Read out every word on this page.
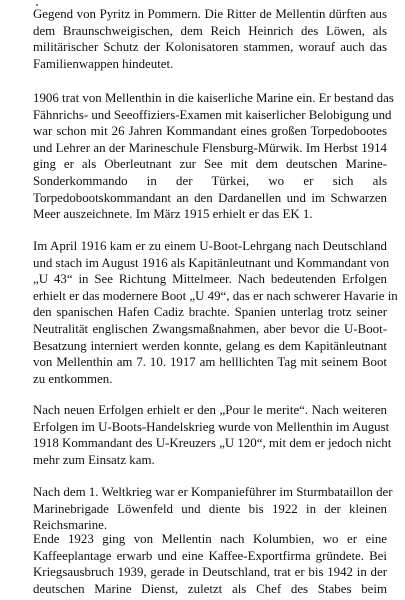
Gegend von Pyritz in Pommern. Die Ritter de Mellentin dürften aus
dem Braunschweigischen, dem Reich Heinrich des Löwen, als
militärischer Schutz der Kolonisatoren stammen, worauf auch das
Familienwappen hindeutet.
1906 trat von Mellenthin in die kaiserliche Marine ein. Er bestand das
Fähnrichs- und Seeoffiziers-Examen mit kaiserlicher Belobigung und
war schon mit 26 Jahren Kommandant eines großen Torpedobootes
und Lehrer an der Marineschule Flensburg-Mürwik. Im Herbst 1914
ging er als Oberleutnant zur See mit dem deutschen Marine-
Sonderkommando in der Türkei, wo er sich als
Torpedobootskommandant an den Dardanellen und im Schwarzen
Meer auszeichnete. Im März 1915 erhielt er das EK 1.
Im April 1916 kam er zu einem U-Boot-Lehrgang nach Deutschland
und stach im August 1916 als Kapitänleutnant und Kommandant von
„U 43“ in See Richtung Mittelmeer. Nach bedeutenden Erfolgen
erhielt er das modernere Boot „U 49“, das er nach schwerer Havarie in
den spanischen Hafen Cadiz brachte. Spanien unterlag trotz seiner
Neutralität englischen Zwangsmaßnahmen, aber bevor die U-Boot-
Besatzung interniert werden konnte, gelang es dem Kapitänleutnant
von Mellenthin am 7. 10. 1917 am helllichten Tag mit seinem Boot
zu entkommen.
Nach neuen Erfolgen erhielt er den „Pour le merite“. Nach weiteren
Erfolgen im U-Boots-Handelskrieg wurde von Mellenthin im August
1918 Kommandant des U-Kreuzers „U 120“, mit dem er jedoch nicht
mehr zum Einsatz kam.
Nach dem 1. Weltkrieg war er Kompanieführer im Sturmbataillon der
Marinebrigade Löwenfeld und diente bis 1922 in der kleinen
Reichsmarine.
Ende 1923 ging von Mellentin nach Kolumbien, wo er eine
Kaffeeplantage erwarb und eine Kaffee-Exportfirma gründete. Bei
Kriegsausbruch 1939, gerade in Deutschland, trat er bis 1942 in der
deutschen Marine Dienst, zuletzt als Chef des Stabes beim
